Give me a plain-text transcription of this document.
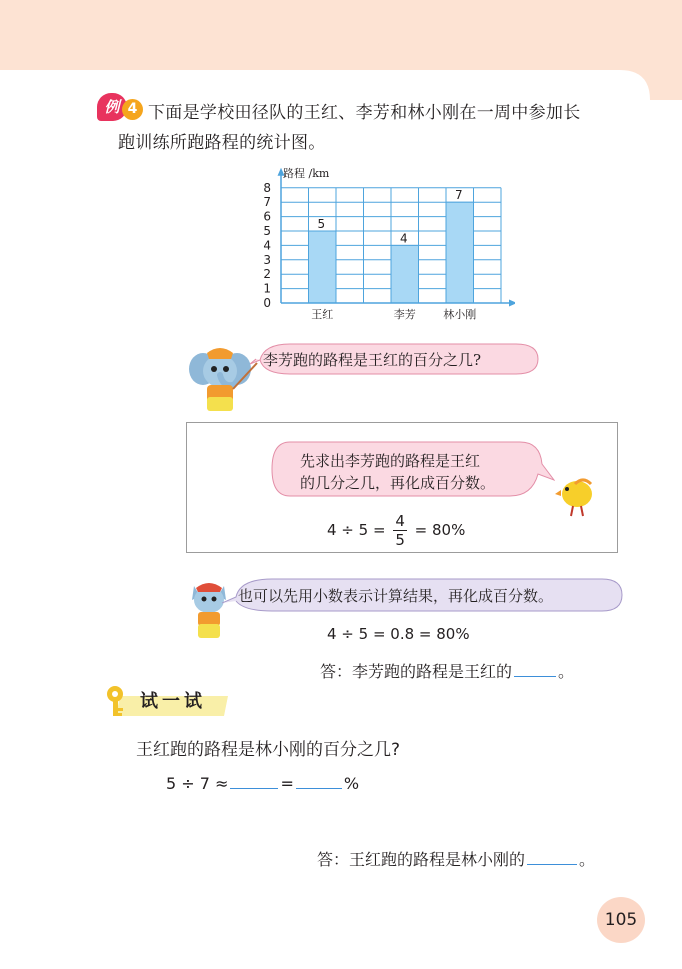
例 4 下面是学校田径队的王红、李芳和林小刚在一周中参加长
跑训练所跑路程的统计图。
5
王红
4
李芳
7
林小刚
0
1
2
3
4
5
6
7
8
路程 /km
李芳跑的路程是王红的百分之几?
先求出李芳跑的路程是王红
的几分之几，再化成百分数。
$4 \div 5 = \frac{4}{5} = 80\%$
也可以先用小数表示计算结果，再化成百分数。
4 ÷ 5 = 0.8 = 80%
答：李芳跑的路程是王红的	。
试一试
王红跑的路程是林小刚的百分之几?
5 ÷ 7 ≈	=	%
答：王红跑的路程是林小刚的	。
105
